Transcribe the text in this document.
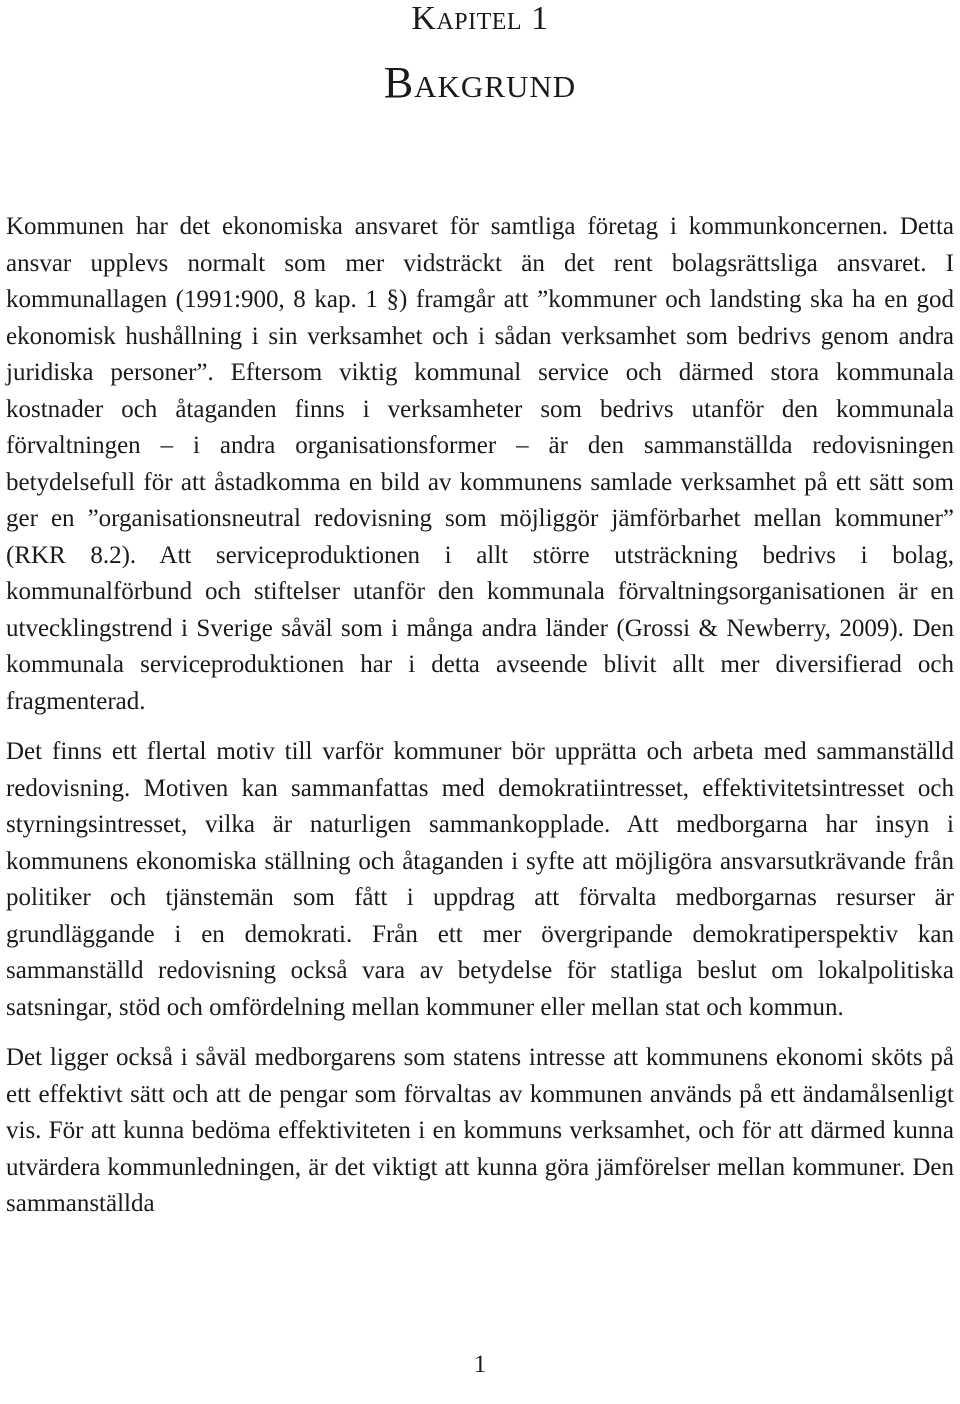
Kapitel 1
Bakgrund

Kommunen har det ekonomiska ansvaret för samtliga företag i kommunkoncernen. Detta ansvar upplevs normalt som mer vidsträckt än det rent bolagsrättsliga ansvaret. I kommunallagen (1991:900, 8 kap. 1 §) framgår att ”kommuner och landsting ska ha en god ekonomisk hushållning i sin verksamhet och i sådan verksamhet som bedrivs genom andra juridiska personer”. Eftersom viktig kommunal service och därmed stora kommunala kostnader och åtaganden finns i verksamheter som bedrivs utanför den kommunala förvaltningen – i andra organisationsformer – är den sammanställda redovisningen betydelsefull för att åstadkomma en bild av kommunens samlade verksamhet på ett sätt som ger en ”organisationsneutral redovisning som möjliggör jämförbarhet mellan kommuner” (RKR 8.2). Att serviceproduktionen i allt större utsträckning bedrivs i bolag, kommunalförbund och stiftelser utanför den kommunala förvaltningsorganisationen är en utvecklingstrend i Sverige såväl som i många andra länder (Grossi & Newberry, 2009). Den kommunala serviceproduktionen har i detta avseende blivit allt mer diversifierad och fragmenterad.

Det finns ett flertal motiv till varför kommuner bör upprätta och arbeta med sammanställd redovisning. Motiven kan sammanfattas med demokratiintresset, effektivitetsintresset och styrningsintresset, vilka är naturligen sammankopplade. Att medborgarna har insyn i kommunens ekonomiska ställning och åtaganden i syfte att möjligöra ansvarsutkrävande från politiker och tjänstemän som fått i uppdrag att förvalta medborgarnas resurser är grundläggande i en demokrati. Från ett mer övergripande demokratiperspektiv kan sammanställd redovisning också vara av betydelse för statliga beslut om lokalpolitiska satsningar, stöd och omfördelning mellan kommuner eller mellan stat och kommun.

Det ligger också i såväl medborgarens som statens intresse att kommunens ekonomi sköts på ett effektivt sätt och att de pengar som förvaltas av kommunen används på ett ändamålsenligt vis. För att kunna bedöma effektiviteten i en kommuns verksamhet, och för att därmed kunna utvärdera kommunledningen, är det viktigt att kunna göra jämförelser mellan kommuner. Den sammanställda

1
